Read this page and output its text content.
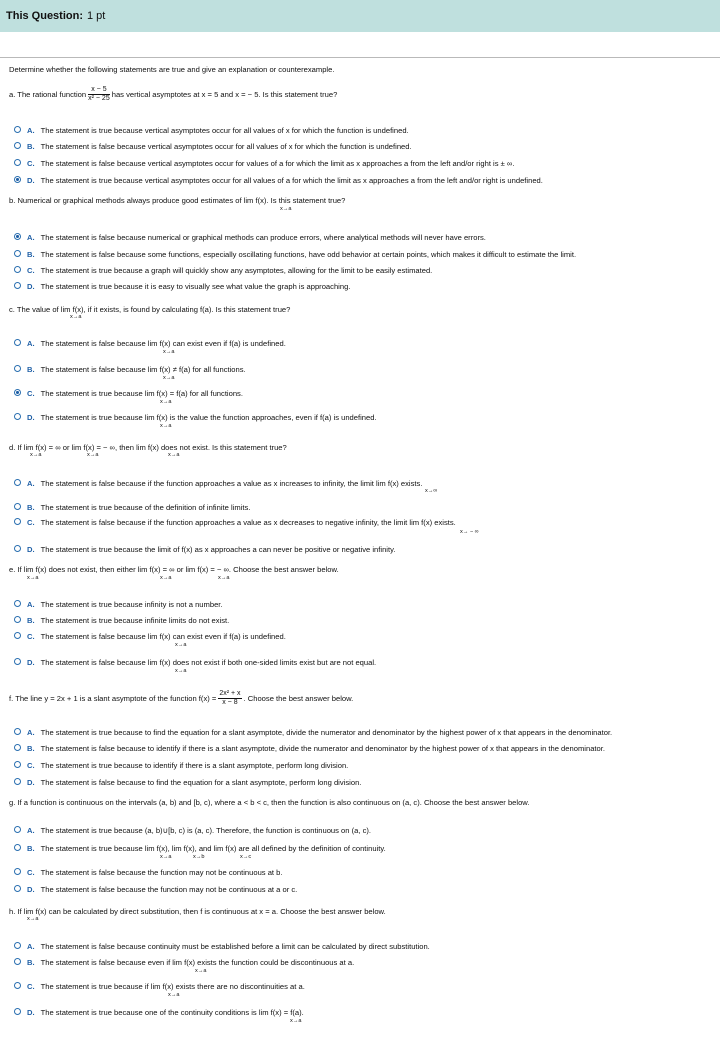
This Question: 1 pt
Determine whether the following statements are true and give an explanation or counterexample.
a. The rational function $\frac{x - 5}{\text{x² − 25}}$ has vertical asymptotes at x = 5 and x = − 5. Is this statement true?
A. The statement is true because vertical asymptotes occur for all values of x for which the function is undefined.
B. The statement is false because vertical asymptotes occur for all values of x for which the function is undefined.
C. The statement is false because vertical asymptotes occur for values of a for which the limit as x approaches a from the left and/or right is ± ∞.
D. The statement is true because vertical asymptotes occur for all values of a for which the limit as x approaches a from the left and/or right is undefined.
b. Numerical or graphical methods always produce good estimates of lim f(x). Is this statement true?
x→a
A. The statement is false because numerical or graphical methods can produce errors, where analytical methods will never have errors.
B. The statement is false because some functions, especially oscillating functions, have odd behavior at certain points, which makes it difficult to estimate the limit.
C. The statement is true because a graph will quickly show any asymptotes, allowing for the limit to be easily estimated.
D. The statement is true because it is easy to visually see what value the graph is approaching.
c. The value of lim f(x), if it exists, is found by calculating f(a). Is this statement true?
x→a
A. The statement is false because lim f(x) can exist even if f(a) is undefined.
x→a
B. The statement is false because lim f(x) ≠ f(a) for all functions.
x→a
C. The statement is true because lim f(x) = f(a) for all functions.
x→a
D. The statement is true because lim f(x) is the value the function approaches, even if f(a) is undefined.
x→a
d. If lim f(x) = ∞ or lim f(x) = − ∞, then lim f(x) does not exist. Is this statement true?
x→a	x→a	x→a
A. The statement is false because if the function approaches a value as x increases to infinity, the limit lim f(x) exists.
x→∞
B. The statement is true because of the definition of infinite limits.
C. The statement is false because if the function approaches a value as x decreases to negative infinity, the limit lim f(x) exists.
x→ − ∞
D. The statement is true because the limit of f(x) as x approaches a can never be positive or negative infinity.
e. If lim f(x) does not exist, then either lim f(x) = ∞ or lim f(x) = − ∞. Choose the best answer below.
x→a	x→a	x→a
A. The statement is true because infinity is not a number.
B. The statement is true because infinite limits do not exist.
C. The statement is false because lim f(x) can exist even if f(a) is undefined.
x→a
D. The statement is false because lim f(x) does not exist if both one-sided limits exist but are not equal.
x→a
f. The line y = 2x + 1 is a slant asymptote of the function $f(x) = \frac{\text{2x² + x}}{x - 8}$ . Choose the best answer below.
A. The statement is true because to find the equation for a slant asymptote, divide the numerator and denominator by the highest power of x that appears in the denominator.
B. The statement is false because to identify if there is a slant asymptote, divide the numerator and denominator by the highest power of x that appears in the denominator.
C. The statement is true because to identify if there is a slant asymptote, perform long division.
D. The statement is false because to find the equation for a slant asymptote, perform long division.
g. If a function is continuous on the intervals (a, b) and [b, c), where a < b < c, then the function is also continuous on (a, c). Choose the best answer below.
A. The statement is true because (a, b)∪[b, c) is (a, c). Therefore, the function is continuous on (a, c).
B. The statement is true because lim f(x), lim f(x), and lim f(x) are all defined by the definition of continuity.
x→a	x→b	x→c
C. The statement is false because the function may not be continuous at b.
D. The statement is false because the function may not be continuous at a or c.
h. If lim f(x) can be calculated by direct substitution, then f is continuous at x = a. Choose the best answer below.
x→a
A. The statement is false because continuity must be established before a limit can be calculated by direct substitution.
B. The statement is false because even if lim f(x) exists the function could be discontinuous at a.
x→a
C. The statement is true because if lim f(x) exists there are no discontinuities at a.
x→a
D. The statement is true because one of the continuity conditions is lim f(x) = f(a).
x→a
